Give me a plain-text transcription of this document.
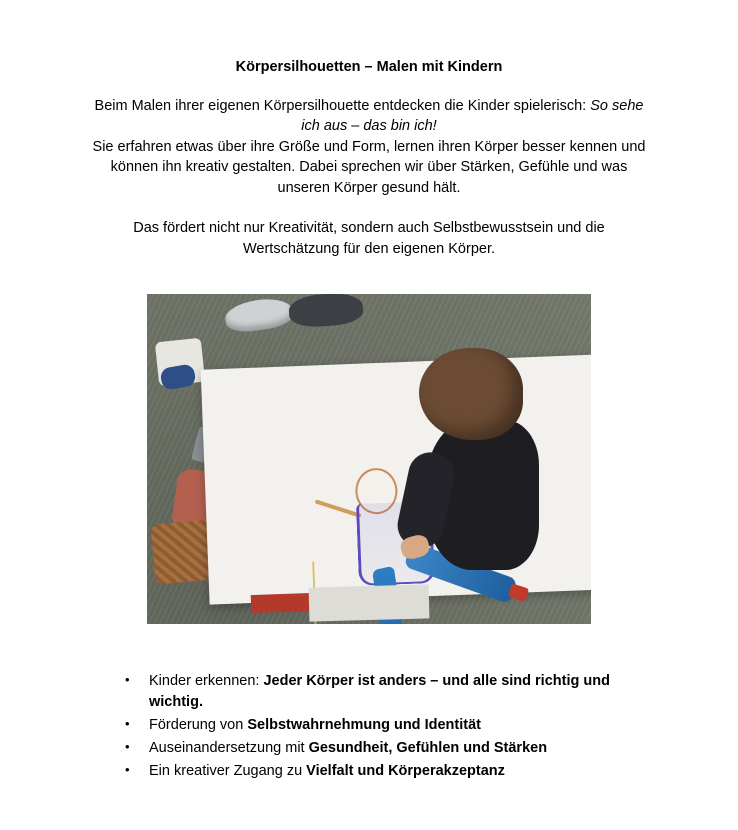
Körpersilhouetten – Malen mit Kindern

Beim Malen ihrer eigenen Körpersilhouette entdecken die Kinder spielerisch: So sehe ich aus – das bin ich!

Sie erfahren etwas über ihre Größe und Form, lernen ihren Körper besser kennen und können ihn kreativ gestalten. Dabei sprechen wir über Stärken, Gefühle und was unseren Körper gesund hält.

Das fördert nicht nur Kreativität, sondern auch Selbstbewusstsein und die Wertschätzung für den eigenen Körper.

• Kinder erkennen: Jeder Körper ist anders – und alle sind richtig und wichtig.
• Förderung von Selbstwahrnehmung und Identität
• Auseinandersetzung mit Gesundheit, Gefühlen und Stärken
• Ein kreativer Zugang zu Vielfalt und Körperakzeptanz
